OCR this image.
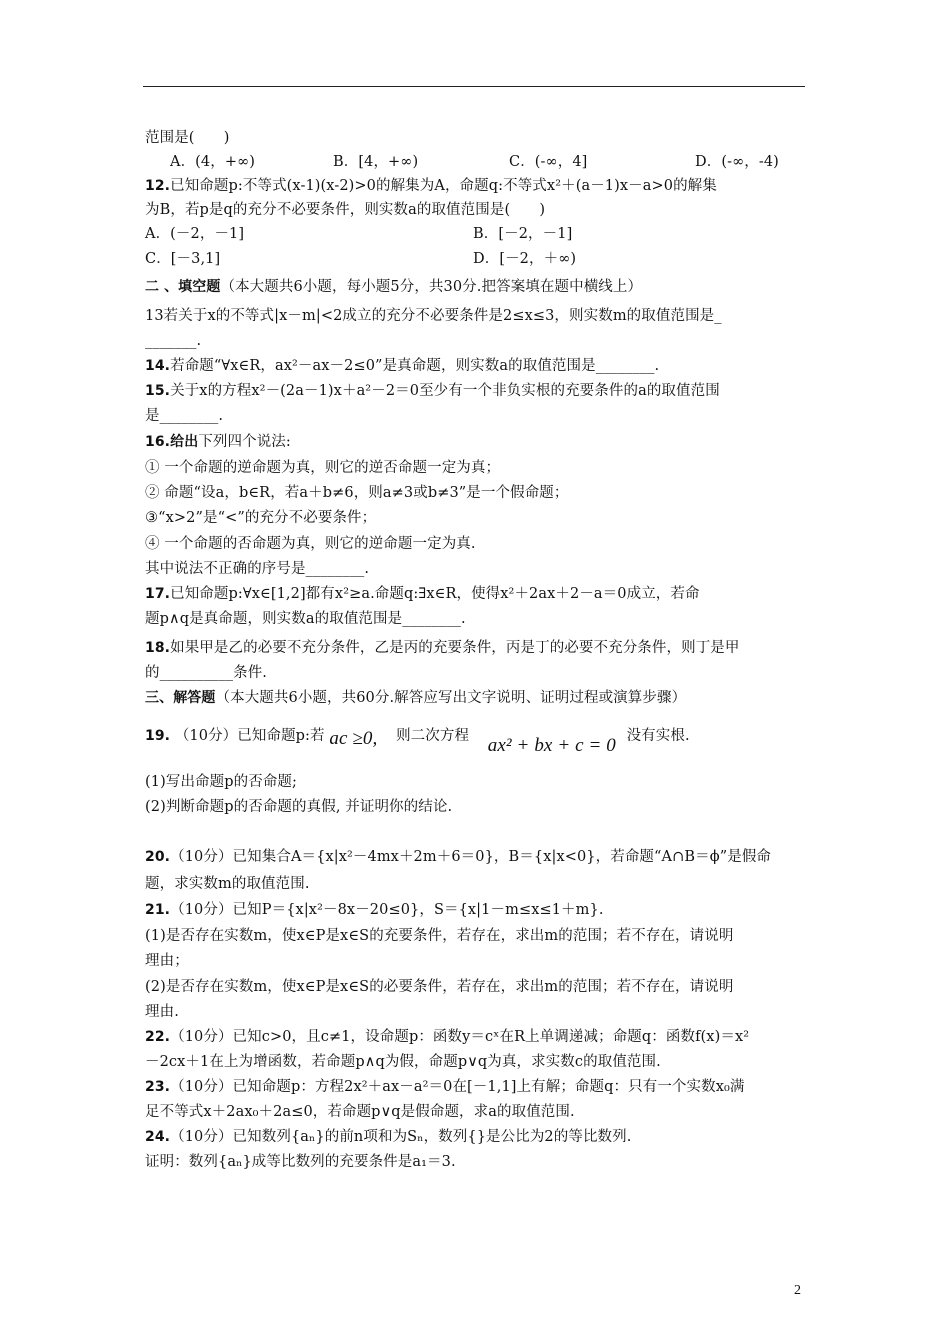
范围是(　　)
A．(4，+∞)	B．[4，+∞)	C．(-∞，4]	D．(-∞，-4)
12.已知命题p:不等式(x-1)(x-2)>0的解集为A，命题q:不等式x²＋(a－1)x－a>0的解集
为B，若p是q的充分不必要条件，则实数a的取值范围是(　　)
A．(－2，－1]	B．[－2，－1]
C．[－3,1]	D．[－2，＋∞)
二 、填空题（本大题共6小题，每小题5分，共30分.把答案填在题中横线上）
13若关于x的不等式|x－m|<2成立的充分不必要条件是2≤x≤3，则实数m的取值范围是_
_______.
14.若命题“∀x∈R，ax²－ax－2≤0”是真命题，则实数a的取值范围是________.
15.关于x的方程x²－(2a－1)x＋a²－2＝0至少有一个非负实根的充要条件的a的取值范围
是________.
16.给出下列四个说法:
① 一个命题的逆命题为真，则它的逆否命题一定为真；
② 命题“设a，b∈R，若a＋b≠6，则a≠3或b≠3”是一个假命题；
③“x>2”是“<”的充分不必要条件；
④ 一个命题的否命题为真，则它的逆命题一定为真.
其中说法不正确的序号是________.
17.已知命题p:∀x∈[1,2]都有x²≥a.命题q:∃x∈R，使得x²＋2ax＋2－a＝0成立，若命
题p∧q是真命题，则实数a的取值范围是________.
18.如果甲是乙的必要不充分条件，乙是丙的充要条件，丙是丁的必要不充分条件，则丁是甲
的__________条件.
三、解答题（本大题共6小题，共60分.解答应写出文字说明、证明过程或演算步骤）
19. （10分）已知命题p:若 ac ≥0, 则二次方程 ax² + bx + c = 0 没有实根.
(1)写出命题p的否命题;
(2)判断命题p的否命题的真假, 并证明你的结论.
20.（10分）已知集合A＝{x|x²－4mx＋2m＋6＝0}，B＝{x|x<0}，若命题“A∩B＝ϕ”是假命
题，求实数m的取值范围.
21.（10分）已知P＝{x|x²－8x－20≤0}，S＝{x|1－m≤x≤1＋m}.
(1)是否存在实数m，使x∈P是x∈S的充要条件，若存在，求出m的范围；若不存在，请说明
理由；
(2)是否存在实数m，使x∈P是x∈S的必要条件，若存在，求出m的范围；若不存在，请说明
理由.
22.（10分）已知c>0，且c≠1，设命题p：函数y＝cˣ在R上单调递减；命题q：函数f(x)＝x²
－2cx＋1在上为增函数，若命题p∧q为假，命题p∨q为真，求实数c的取值范围.
23.（10分）已知命题p：方程2x²＋ax－a²＝0在[－1,1]上有解；命题q：只有一个实数x₀满
足不等式x＋2ax₀＋2a≤0，若命题p∨q是假命题，求a的取值范围.
24.（10分）已知数列{aₙ}的前n项和为Sₙ，数列{}是公比为2的等比数列.
证明：数列{aₙ}成等比数列的充要条件是a₁＝3.
2
